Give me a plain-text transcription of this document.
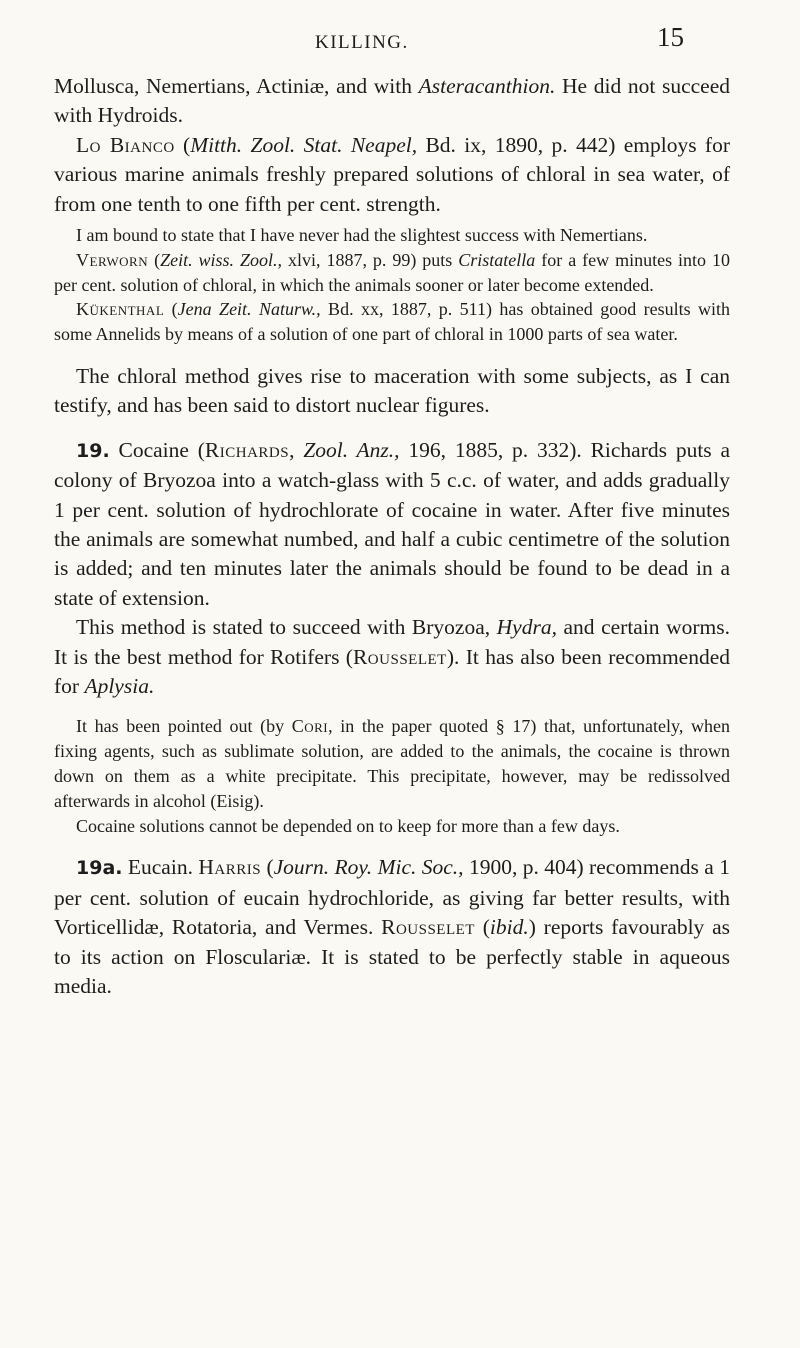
KILLING.	15

Mollusca, Nemertians, Actiniæ, and with Asteracanthion. He did not succeed with Hydroids.

Lo Bianco (Mitth. Zool. Stat. Neapel, Bd. ix, 1890, p. 442) employs for various marine animals freshly prepared solutions of chloral in sea water, of from one tenth to one fifth per cent. strength.

I am bound to state that I have never had the slightest success with Nemertians.

Verworn (Zeit. wiss. Zool., xlvi, 1887, p. 99) puts Cristatella for a few minutes into 10 per cent. solution of chloral, in which the animals sooner or later become extended.

Kükenthal (Jena Zeit. Naturw., Bd. xx, 1887, p. 511) has obtained good results with some Annelids by means of a solution of one part of chloral in 1000 parts of sea water.

The chloral method gives rise to maceration with some subjects, as I can testify, and has been said to distort nuclear figures.

19. Cocaine (Richards, Zool. Anz., 196, 1885, p. 332). Richards puts a colony of Bryozoa into a watch-glass with 5 c.c. of water, and adds gradually 1 per cent. solution of hydrochlorate of cocaine in water. After five minutes the animals are somewhat numbed, and half a cubic centimetre of the solution is added; and ten minutes later the animals should be found to be dead in a state of extension.

This method is stated to succeed with Bryozoa, Hydra, and certain worms. It is the best method for Rotifers (Rousselet). It has also been recommended for Aplysia.

It has been pointed out (by Cori, in the paper quoted § 17) that, unfortunately, when fixing agents, such as sublimate solution, are added to the animals, the cocaine is thrown down on them as a white precipitate. This precipitate, however, may be redissolved afterwards in alcohol (Eisig).

Cocaine solutions cannot be depended on to keep for more than a few days.

19a. Eucain. Harris (Journ. Roy. Mic. Soc., 1900, p. 404) recommends a 1 per cent. solution of eucain hydrochloride, as giving far better results, with Vorticellidæ, Rotatoria, and Vermes. Rousselet (ibid.) reports favourably as to its action on Flosculariæ. It is stated to be perfectly stable in aqueous media.
